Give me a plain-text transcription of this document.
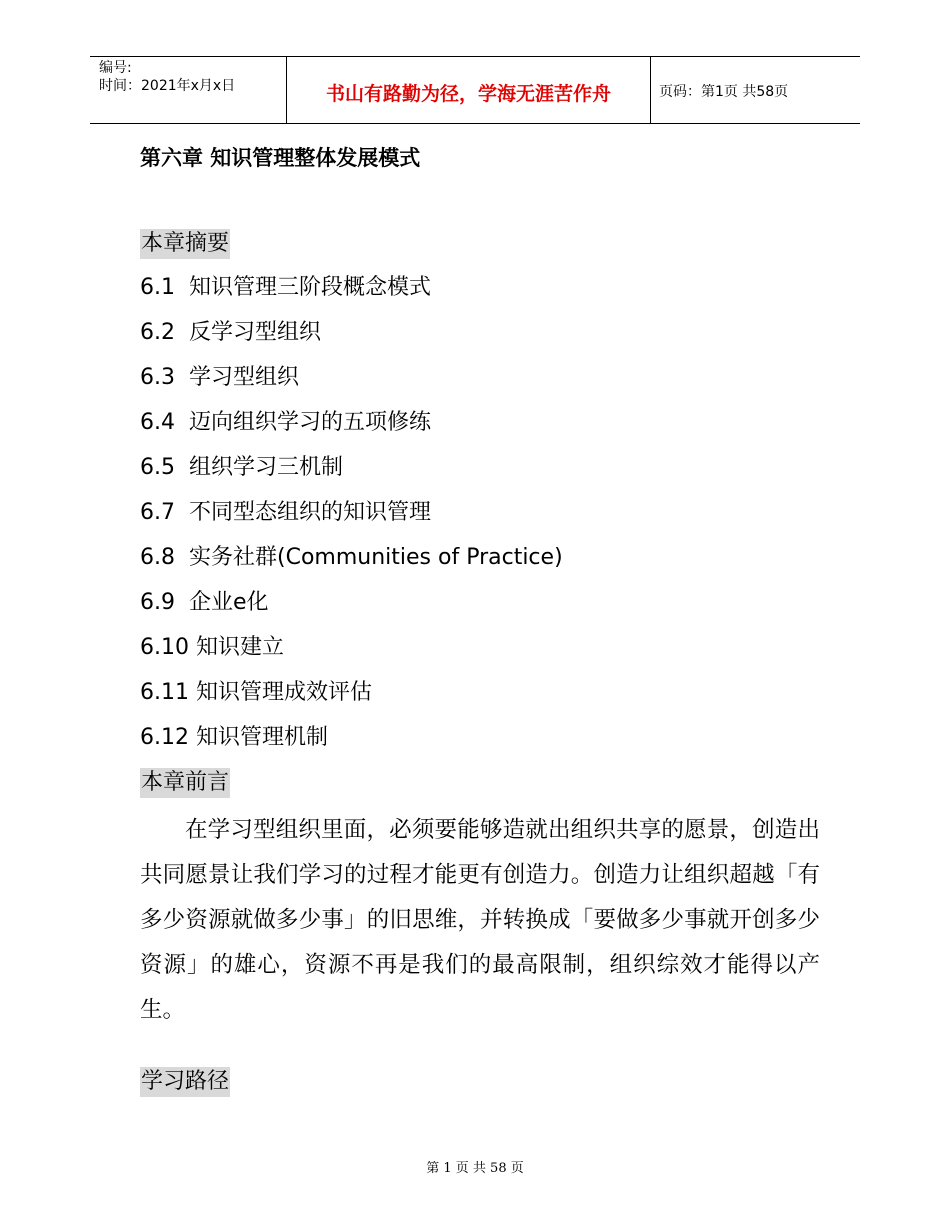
编号:
时间：2021年x月x日	书山有路勤为径，学海无涯苦作舟	页码：第1页 共58页
第六章 知识管理整体发展模式
本章摘要
6.1 知识管理三阶段概念模式
6.2 反学习型组织
6.3 学习型组织
6.4 迈向组织学习的五项修练
6.5 组织学习三机制
6.7 不同型态组织的知识管理
6.8 实务社群(Communities of Practice)
6.9 企业e化
6.10 知识建立
6.11 知识管理成效评估
6.12 知识管理机制
本章前言
在学习型组织里面，必须要能够造就出组织共享的愿景，创造出共同愿景让我们学习的过程才能更有创造力。创造力让组织超越「有多少资源就做多少事」的旧思维，并转换成「要做多少事就开创多少资源」的雄心，资源不再是我们的最高限制，组织综效才能得以产生。
学习路径
第 1 页 共 58 页
